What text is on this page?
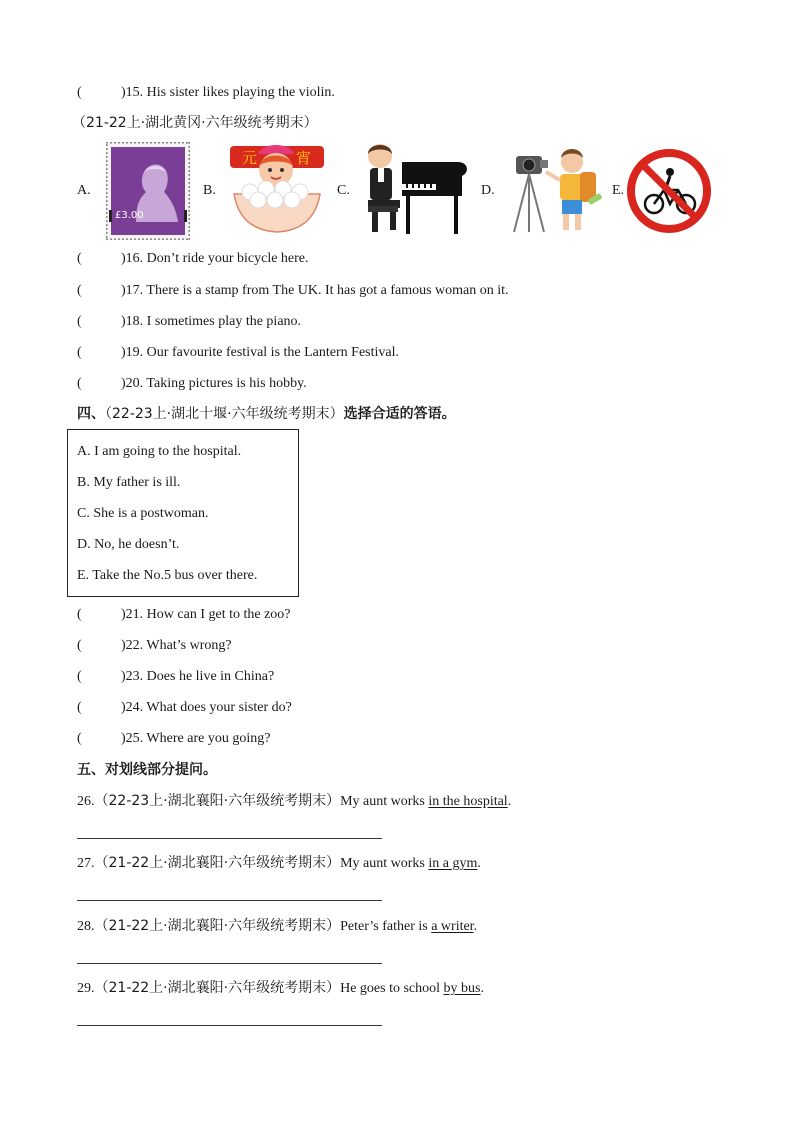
(	)15. His sister likes playing the violin.
（21-22上·湖北黄冈·六年级统考期末）
A.	B.	C.	D.	E.
£3.00
元	宵
(	)16. Don’t ride your bicycle here.
(	)17. There is a stamp from The UK. It has got a famous woman on it.
(	)18. I sometimes play the piano.
(	)19. Our favourite festival is the Lantern Festival.
(	)20. Taking pictures is his hobby.
四、（22-23上·湖北十堰·六年级统考期末）选择合适的答语。
A. I am going to the hospital.
B. My father is ill.
C. She is a postwoman.
D. No, he doesn’t.
E. Take the No.5 bus over there.
(	)21. How can I get to the zoo?
(	)22. What’s wrong?
(	)23. Does he live in China?
(	)24. What does your sister do?
(	)25. Where are you going?
五、对划线部分提问。
26.（22-23上·湖北襄阳·六年级统考期末）My aunt works in the hospital.
27.（21-22上·湖北襄阳·六年级统考期末）My aunt works in a gym.
28.（21-22上·湖北襄阳·六年级统考期末）Peter’s father is a writer.
29.（21-22上·湖北襄阳·六年级统考期末）He goes to school by bus.
